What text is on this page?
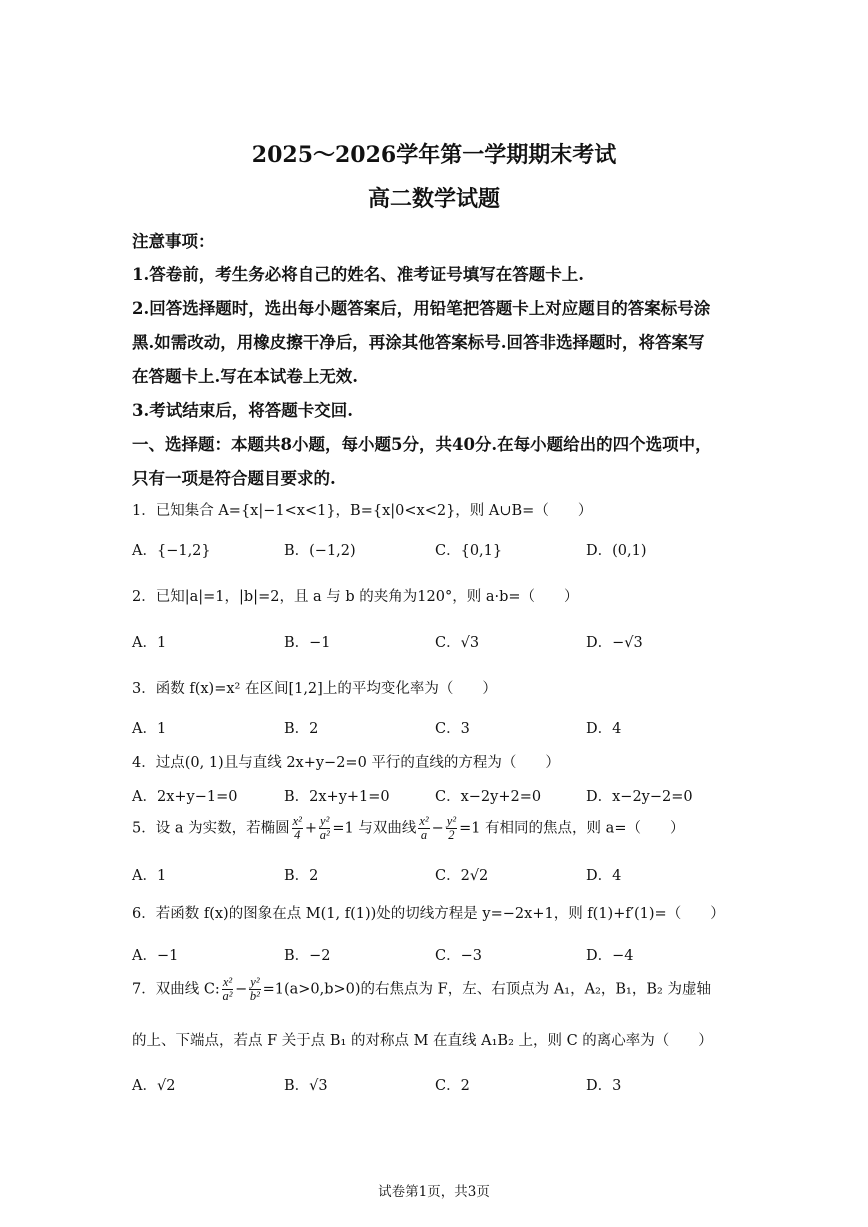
2025～2026学年第一学期期末考试
高二数学试题
注意事项：
1.答卷前，考生务必将自己的姓名、准考证号填写在答题卡上.
2.回答选择题时，选出每小题答案后，用铅笔把答题卡上对应题目的答案标号涂
黑.如需改动，用橡皮擦干净后，再涂其他答案标号.回答非选择题时，将答案写
在答题卡上.写在本试卷上无效.
3.考试结束后，将答题卡交回.
一、选择题：本题共8小题，每小题5分，共40分.在每小题给出的四个选项中，
只有一项是符合题目要求的.
1．已知集合 A={x|−1<x<1}，B={x|0<x<2}，则 A∪B=（　　）
A．{−1,2}	B．(−1,2)	C．{0,1}	D．(0,1)
2．已知|a|=1，|b|=2，且 a 与 b 的夹角为120°，则 a·b=（　　）
A．1	B．−1	C．√3	D．−√3
3．函数 f(x)=x² 在区间[1,2]上的平均变化率为（　　）
A．1	B．2	C．3	D．4
4．过点(0, 1)且与直线 2x+y−2=0 平行的直线的方程为（　　）
A．2x+y−1=0	B．2x+y+1=0	C．x−2y+2=0	D．x−2y−2=0
5．设 a 为实数，若椭圆 $\frac{\text{x²}}{4} + \frac{\text{y²}}{\text{a²}} =1$ 与双曲线 $\frac{\text{x²}}{a} - \frac{\text{y²}}{2} =1$ 有相同的焦点，则 a=（　　）
A．1	B．2	C．2√2	D．4
6．若函数 f(x)的图象在点 M(1, f(1))处的切线方程是 y=−2x+1，则 f(1)+f′(1)=（　　）
A．−1	B．−2	C．−3	D．−4
7．双曲线 C: $\frac{\text{x²}}{\text{a²}} - \frac{\text{y²}}{\text{b²}} =1(a>0,b>0)$的右焦点为 F，左、右顶点为 A₁，A₂，B₁，B₂ 为虚轴
的上、下端点，若点 F 关于点 B₁ 的对称点 M 在直线 A₁B₂ 上，则 C 的离心率为（　　）
A．√2	B．√3	C．2	D．3
试卷第1页，共3页
